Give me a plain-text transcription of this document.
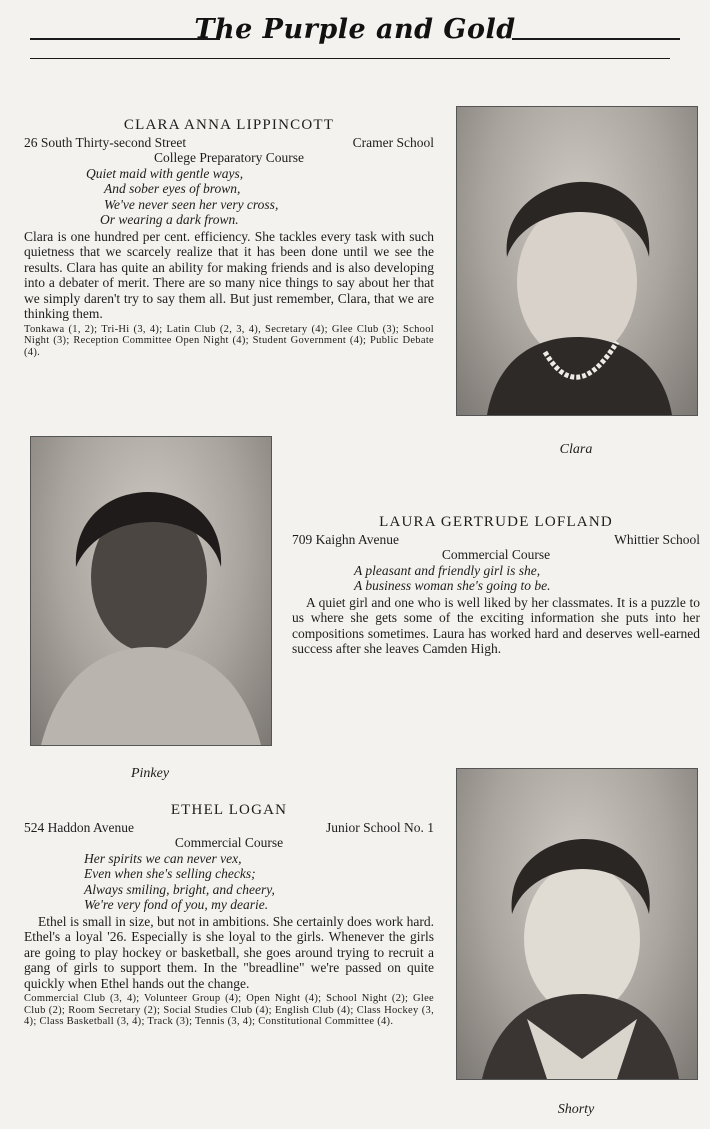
The Purple and Gold
CLARA ANNA LIPPINCOTT
26 South Thirty-second Street	Cramer School
College Preparatory Course
Quiet maid with gentle ways,
And sober eyes of brown,
We've never seen her very cross,
Or wearing a dark frown.

Clara is one hundred per cent. efficiency. She tackles every task with such quietness that we scarcely realize that it has been done until we see the results. Clara has quite an ability for making friends and is also developing into a debater of merit. There are so many nice things to say about her that we simply daren't try to say them all. But just remember, Clara, that we are thinking them.

Tonkawa (1, 2); Tri-Hi (3, 4); Latin Club (2, 3, 4), Secretary (4); Glee Club (3); School Night (3); Reception Committee Open Night (4); Student Government (4); Public Debate (4).
Clara
Pinkey
LAURA GERTRUDE LOFLAND
709 Kaighn Avenue	Whittier School
Commercial Course
A pleasant and friendly girl is she,
A business woman she's going to be.

A quiet girl and one who is well liked by her classmates. It is a puzzle to us where she gets some of the exciting information she puts into her compositions sometimes. Laura has worked hard and deserves well-earned success after she leaves Camden High.

ETHEL LOGAN
524 Haddon Avenue	Junior School No. 1
Commercial Course
Her spirits we can never vex,
Even when she's selling checks;
Always smiling, bright, and cheery,
We're very fond of you, my dearie.

Ethel is small in size, but not in ambitions. She certainly does work hard. Ethel's a loyal '26. Especially is she loyal to the girls. Whenever the girls are going to play hockey or basketball, she goes around trying to recruit a gang of girls to support them. In the "breadline" we're passed on quite quickly when Ethel hands out the change.

Commercial Club (3, 4); Volunteer Group (4); Open Night (4); School Night (2); Glee Club (2); Room Secretary (2); Social Studies Club (4); English Club (4); Class Hockey (3, 4); Class Basketball (3, 4); Track (3); Tennis (3, 4); Constitutional Committee (4).
Shorty
